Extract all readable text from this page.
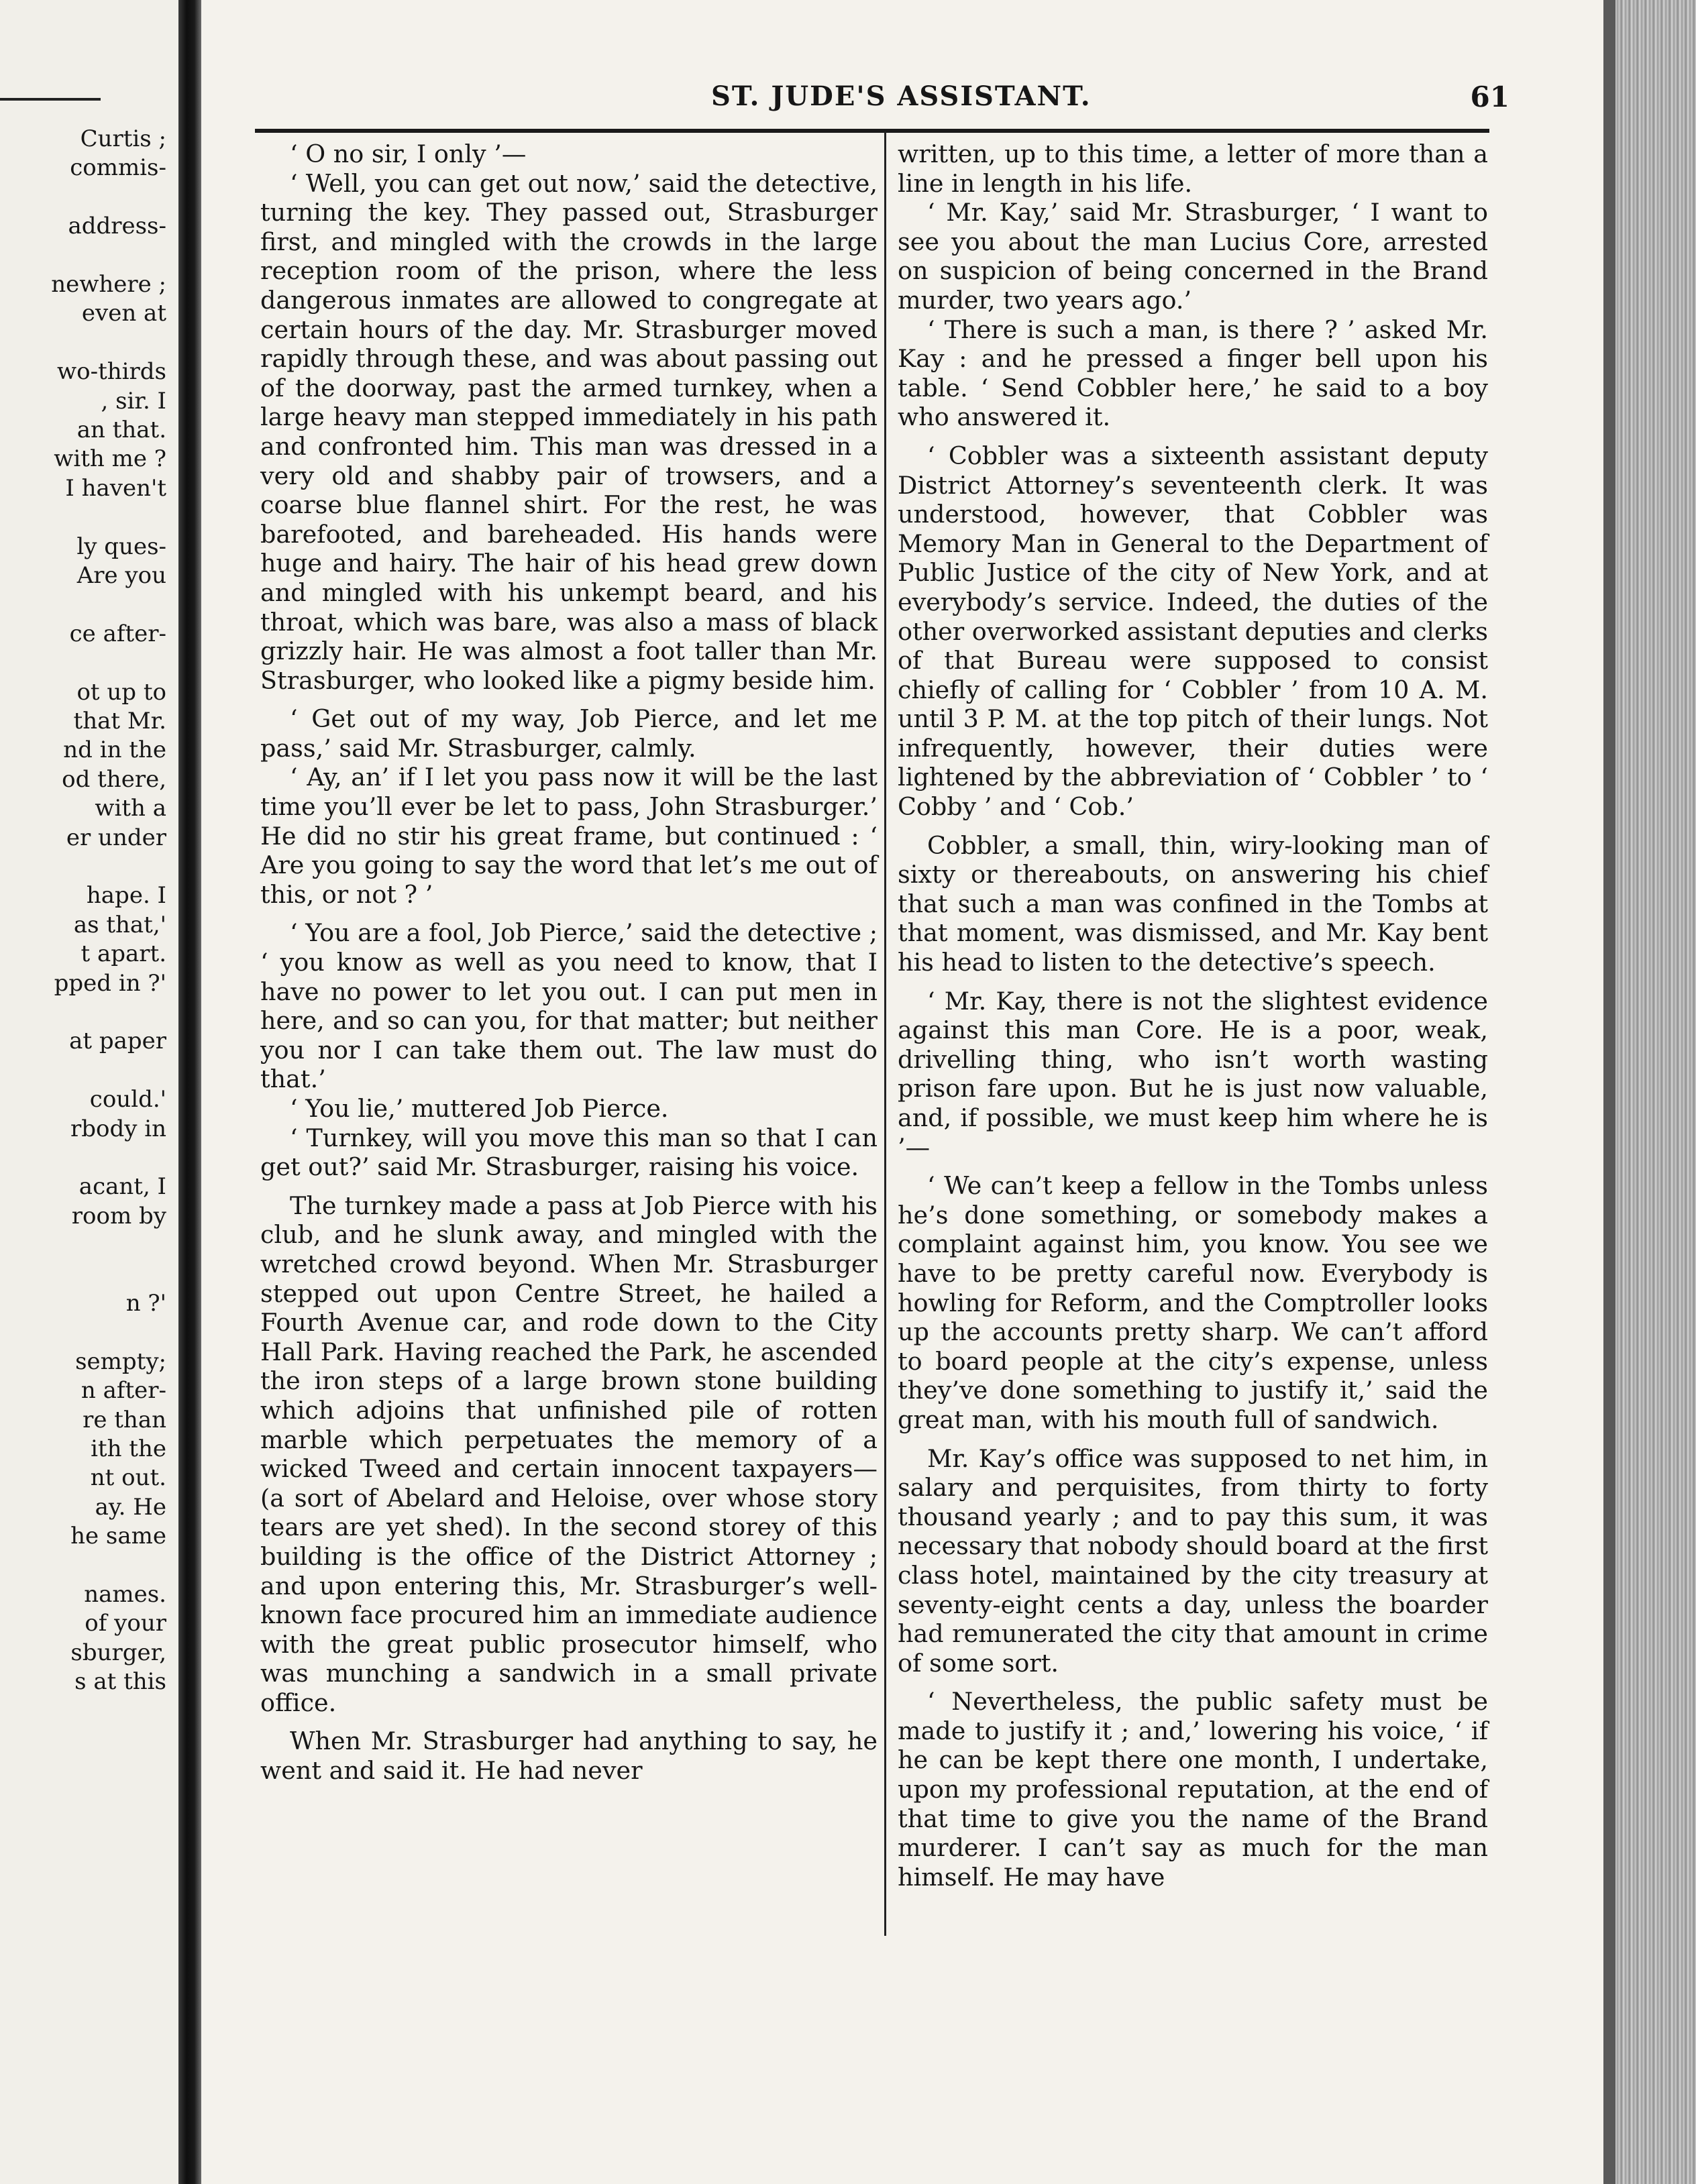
Curtis ;
commis-
address-
newhere ;
even at
wo-thirds
, sir. I
an that.
with me ?
I haven't
ly ques-
Are you
ce after-
ot up to
that Mr.
nd in the
od there,
with a
er under
hape. I
as that,'
t apart.
pped in ?'
at paper
could.'
rbody in
acant, I
room by
n ?'
sempty;
n after-
re than
ith the
nt out.
ay. He
he same
names.
of your
sburger,
s at this
ST. JUDE'S ASSISTANT.	61

‘ O no sir, I only ’—

‘ Well, you can get out now,’ said the detective, turning the key. They passed out, Strasburger first, and mingled with the crowds in the large reception room of the prison, where the less dangerous inmates are allowed to congregate at certain hours of the day. Mr. Strasburger moved rapidly through these, and was about passing out of the doorway, past the armed turnkey, when a large heavy man stepped immediately in his path and confronted him. This man was dressed in a very old and shabby pair of trowsers, and a coarse blue flannel shirt. For the rest, he was barefooted, and bareheaded. His hands were huge and hairy. The hair of his head grew down and mingled with his unkempt beard, and his throat, which was bare, was also a mass of black grizzly hair. He was almost a foot taller than Mr. Strasburger, who looked like a pigmy beside him.

‘ Get out of my way, Job Pierce, and let me pass,’ said Mr. Strasburger, calmly.

‘ Ay, an’ if I let you pass now it will be the last time you’ll ever be let to pass, John Strasburger.’ He did no stir his great frame, but continued : ‘ Are you going to say the word that let’s me out of this, or not ? ’

‘ You are a fool, Job Pierce,’ said the detective ; ‘ you know as well as you need to know, that I have no power to let you out. I can put men in here, and so can you, for that matter; but neither you nor I can take them out. The law must do that.’

‘ You lie,’ muttered Job Pierce.

‘ Turnkey, will you move this man so that I can get out?’ said Mr. Strasburger, raising his voice.

The turnkey made a pass at Job Pierce with his club, and he slunk away, and mingled with the wretched crowd beyond. When Mr. Strasburger stepped out upon Centre Street, he hailed a Fourth Avenue car, and rode down to the City Hall Park. Having reached the Park, he ascended the iron steps of a large brown stone building which adjoins that unfinished pile of rotten marble which perpetuates the memory of a wicked Tweed and certain innocent taxpayers—(a sort of Abelard and Heloise, over whose story tears are yet shed). In the second storey of this building is the office of the District Attorney ; and upon entering this, Mr. Strasburger’s well-known face procured him an immediate audience with the great public prosecutor himself, who was munching a sandwich in a small private office.

When Mr. Strasburger had anything to say, he went and said it. He had never

written, up to this time, a letter of more than a line in length in his life.

‘ Mr. Kay,’ said Mr. Strasburger, ‘ I want to see you about the man Lucius Core, arrested on suspicion of being concerned in the Brand murder, two years ago.’

‘ There is such a man, is there ? ’ asked Mr. Kay : and he pressed a finger bell upon his table. ‘ Send Cobbler here,’ he said to a boy who answered it.

‘ Cobbler was a sixteenth assistant deputy District Attorney’s seventeenth clerk. It was understood, however, that Cobbler was Memory Man in General to the Department of Public Justice of the city of New York, and at everybody’s service. Indeed, the duties of the other overworked assistant deputies and clerks of that Bureau were supposed to consist chiefly of calling for ‘ Cobbler ’ from 10 A. M. until 3 P. M. at the top pitch of their lungs. Not infrequently, however, their duties were lightened by the abbreviation of ‘ Cobbler ’ to ‘ Cobby ’ and ‘ Cob.’

Cobbler, a small, thin, wiry-looking man of sixty or thereabouts, on answering his chief that such a man was confined in the Tombs at that moment, was dismissed, and Mr. Kay bent his head to listen to the detective’s speech.

‘ Mr. Kay, there is not the slightest evidence against this man Core. He is a poor, weak, drivelling thing, who isn’t worth wasting prison fare upon. But he is just now valuable, and, if possible, we must keep him where he is ’—

‘ We can’t keep a fellow in the Tombs unless he’s done something, or somebody makes a complaint against him, you know. You see we have to be pretty careful now. Everybody is howling for Reform, and the Comptroller looks up the accounts pretty sharp. We can’t afford to board people at the city’s expense, unless they’ve done something to justify it,’ said the great man, with his mouth full of sandwich.

Mr. Kay’s office was supposed to net him, in salary and perquisites, from thirty to forty thousand yearly ; and to pay this sum, it was necessary that nobody should board at the first class hotel, maintained by the city treasury at seventy-eight cents a day, unless the boarder had remunerated the city that amount in crime of some sort.

‘ Nevertheless, the public safety must be made to justify it ; and,’ lowering his voice, ‘ if he can be kept there one month, I undertake, upon my professional reputation, at the end of that time to give you the name of the Brand murderer. I can’t say as much for the man himself. He may have
